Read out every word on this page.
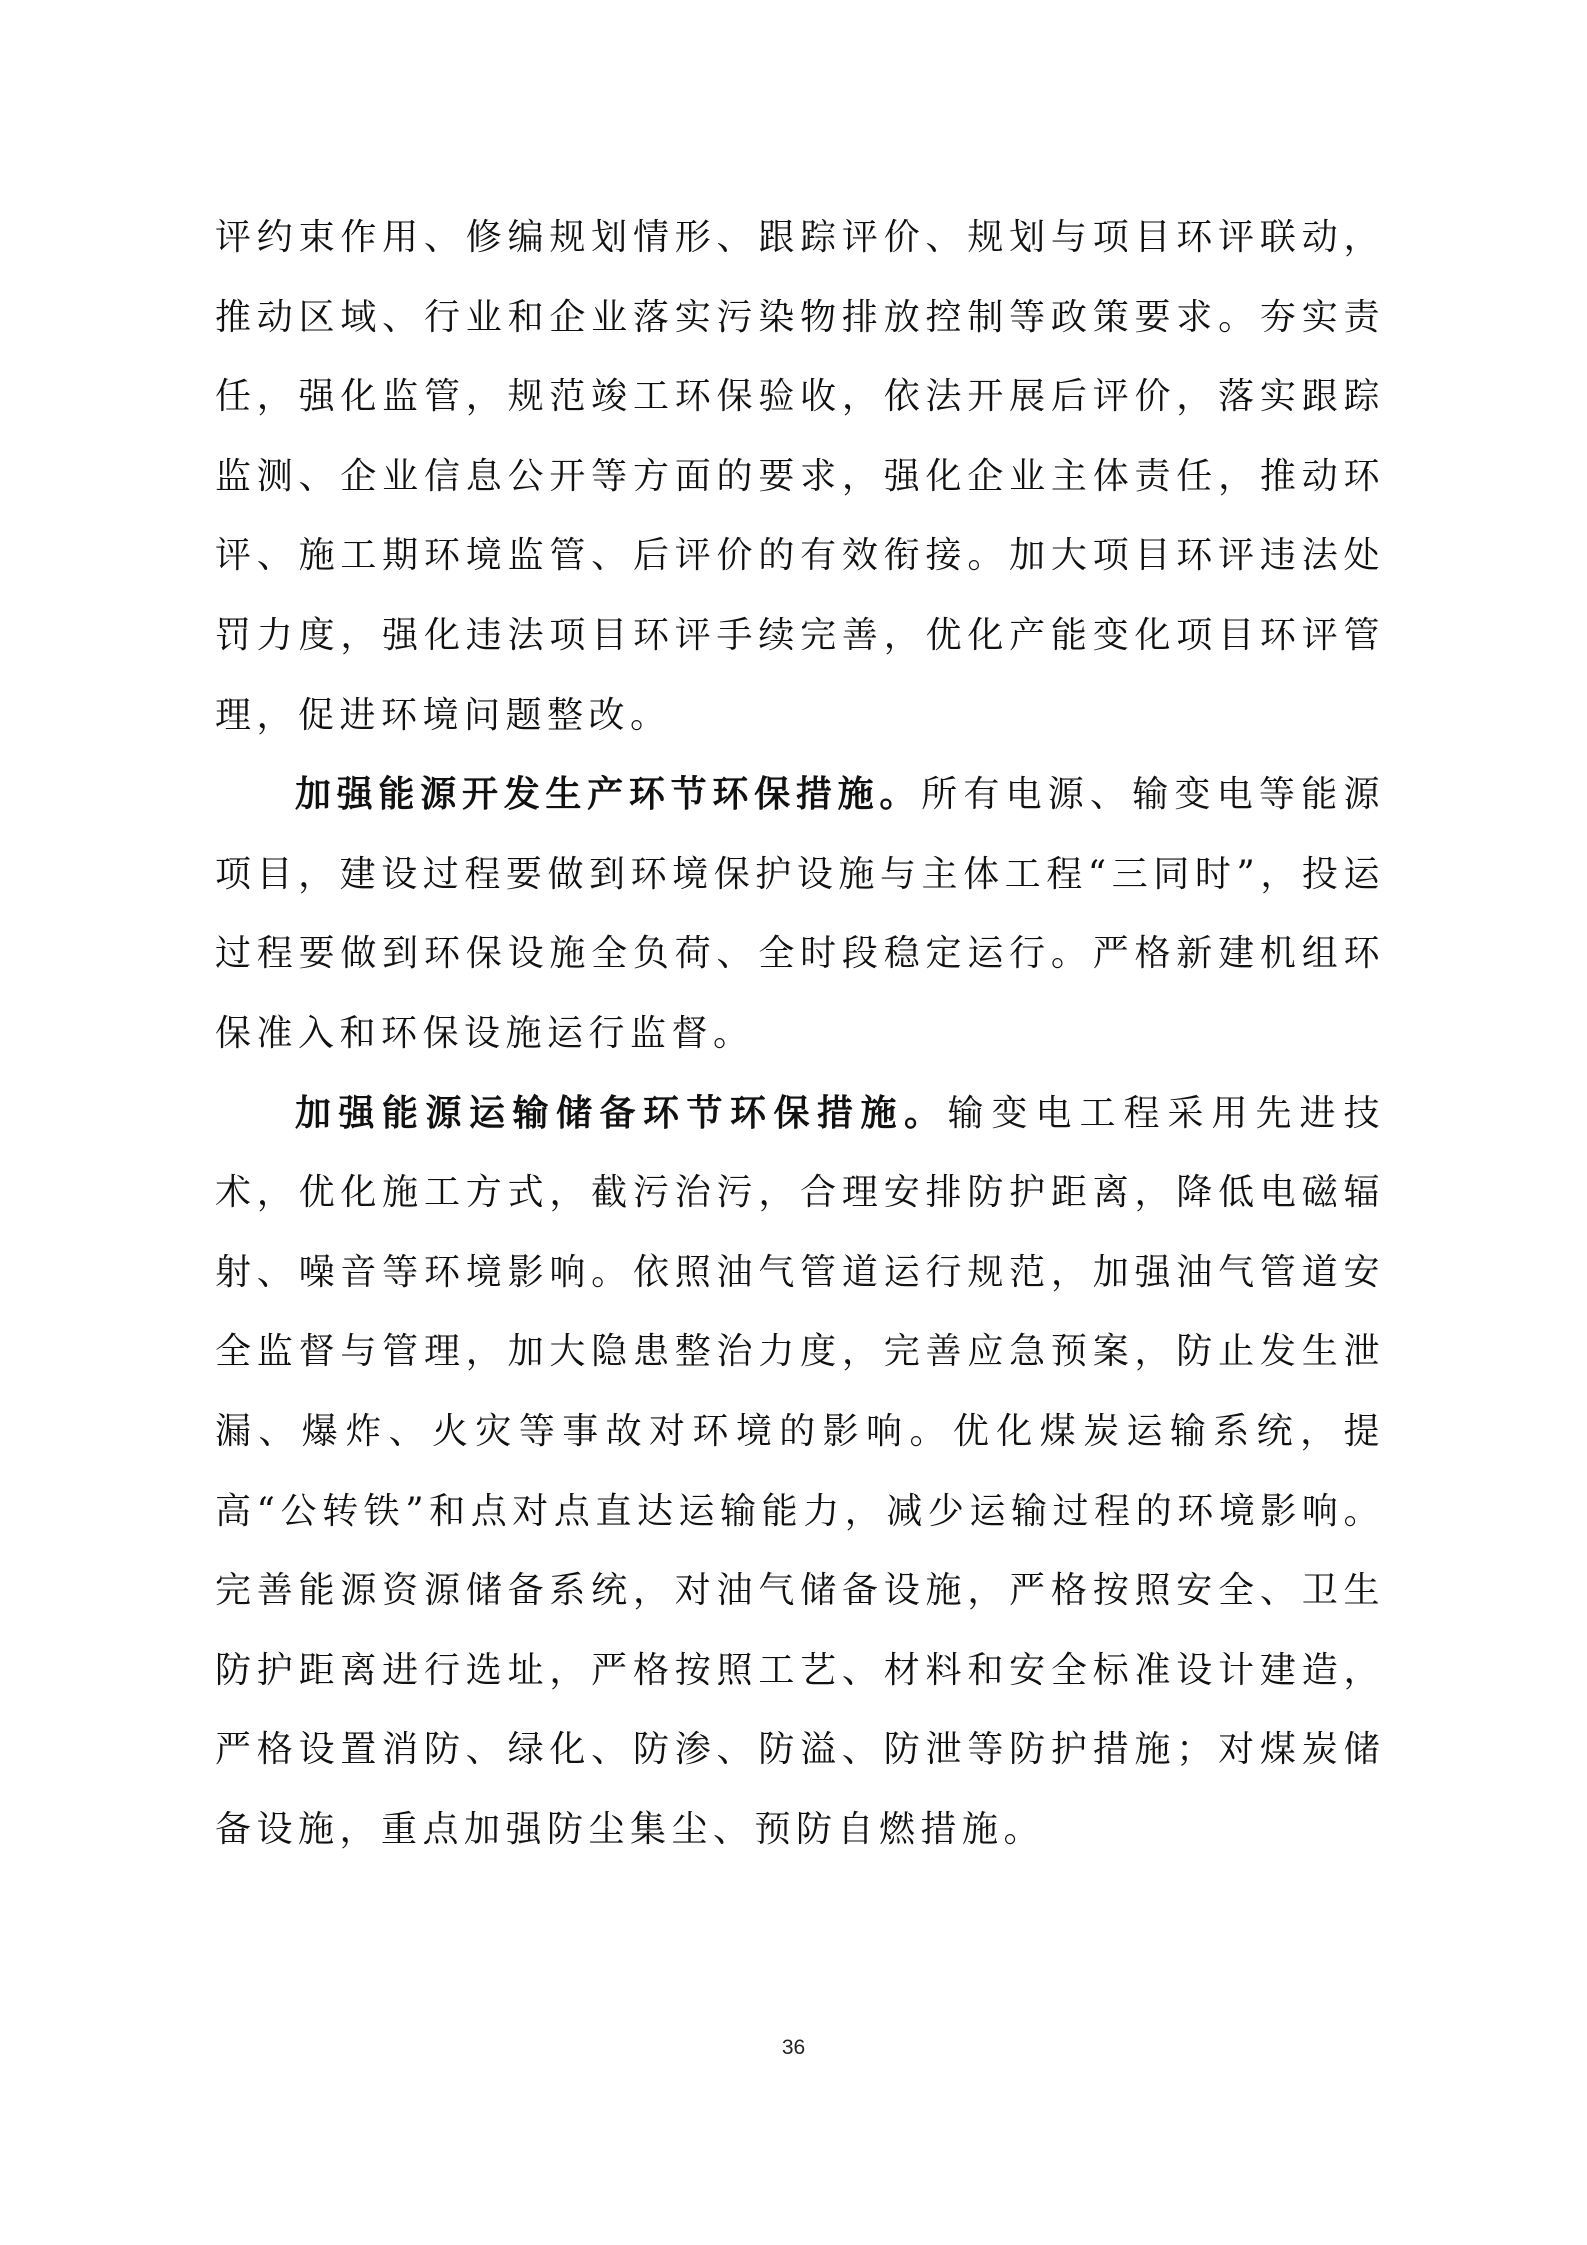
评约束作用、修编规划情形、跟踪评价、规划与项目环评联动，推动区域、行业和企业落实污染物排放控制等政策要求。夯实责任，强化监管，规范竣工环保验收，依法开展后评价，落实跟踪监测、企业信息公开等方面的要求，强化企业主体责任，推动环评、施工期环境监管、后评价的有效衔接。加大项目环评违法处罚力度，强化违法项目环评手续完善，优化产能变化项目环评管理，促进环境问题整改。

加强能源开发生产环节环保措施。所有电源、输变电等能源项目，建设过程要做到环境保护设施与主体工程“三同时”，投运过程要做到环保设施全负荷、全时段稳定运行。严格新建机组环保准入和环保设施运行监督。

加强能源运输储备环节环保措施。输变电工程采用先进技术，优化施工方式，截污治污，合理安排防护距离，降低电磁辐射、噪音等环境影响。依照油气管道运行规范，加强油气管道安全监督与管理，加大隐患整治力度，完善应急预案，防止发生泄漏、爆炸、火灾等事故对环境的影响。优化煤炭运输系统，提高“公转铁”和点对点直达运输能力，减少运输过程的环境影响。完善能源资源储备系统，对油气储备设施，严格按照安全、卫生防护距离进行选址，严格按照工艺、材料和安全标准设计建造，严格设置消防、绿化、防渗、防溢、防泄等防护措施；对煤炭储备设施，重点加强防尘集尘、预防自燃措施。

36
